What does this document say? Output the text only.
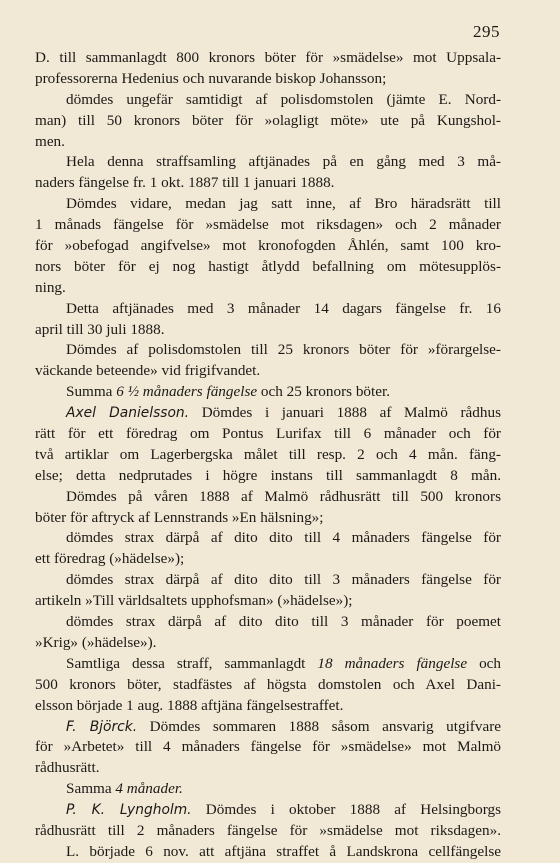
295
D. till sammanlagdt 800 kronors böter för »smädelse» mot Uppsala-
professorerna Hedenius och nuvarande biskop Johansson;
dömdes ungefär samtidigt af polisdomstolen (jämte E. Nord-
man) till 50 kronors böter för »olagligt möte» ute på Kungshol-
men.
Hela denna straffsamling aftjänades på en gång med 3 må-
naders fängelse fr. 1 okt. 1887 till 1 januari 1888.
Dömdes vidare, medan jag satt inne, af Bro häradsrätt till
1 månads fängelse för »smädelse mot riksdagen» och 2 månader
för »obefogad angifvelse» mot kronofogden Åhlén, samt 100 kro-
nors böter för ej nog hastigt åtlydd befallning om mötesupplös-
ning.
Detta aftjänades med 3 månader 14 dagars fängelse fr. 16
april till 30 juli 1888.
Dömdes af polisdomstolen till 25 kronors böter för »förargelse-
väckande beteende» vid frigifvandet.
Summa 6 ½ månaders fängelse och 25 kronors böter.
Axel Danielsson. Dömdes i januari 1888 af Malmö rådhus
rätt för ett föredrag om Pontus Lurifax till 6 månader och för
två artiklar om Lagerbergska målet till resp. 2 och 4 mån. fäng-
else; detta nedprutades i högre instans till sammanlagdt 8 mån.
Dömdes på våren 1888 af Malmö rådhusrätt till 500 kronors
böter för aftryck af Lennstrands »En hälsning»;
dömdes strax därpå af dito dito till 4 månaders fängelse för
ett föredrag (»hädelse»);
dömdes strax därpå af dito dito till 3 månaders fängelse för
artikeln »Till världsaltets upphofsman» (»hädelse»);
dömdes strax därpå af dito dito till 3 månader för poemet
»Krig» (»hädelse»).
Samtliga dessa straff, sammanlagdt 18 månaders fängelse och
500 kronors böter, stadfästes af högsta domstolen och Axel Dani-
elsson började 1 aug. 1888 aftjäna fängelsestraffet.
F. Björck. Dömdes sommaren 1888 såsom ansvarig utgifvare
för »Arbetet» till 4 månaders fängelse för »smädelse» mot Malmö
rådhusrätt.
Samma 4 månader.
P. K. Lyngholm. Dömdes i oktober 1888 af Helsingborgs
rådhusrätt till 2 månaders fängelse för »smädelse mot riksdagen».
L. började 6 nov. att aftjäna straffet å Landskrona cellfängelse
